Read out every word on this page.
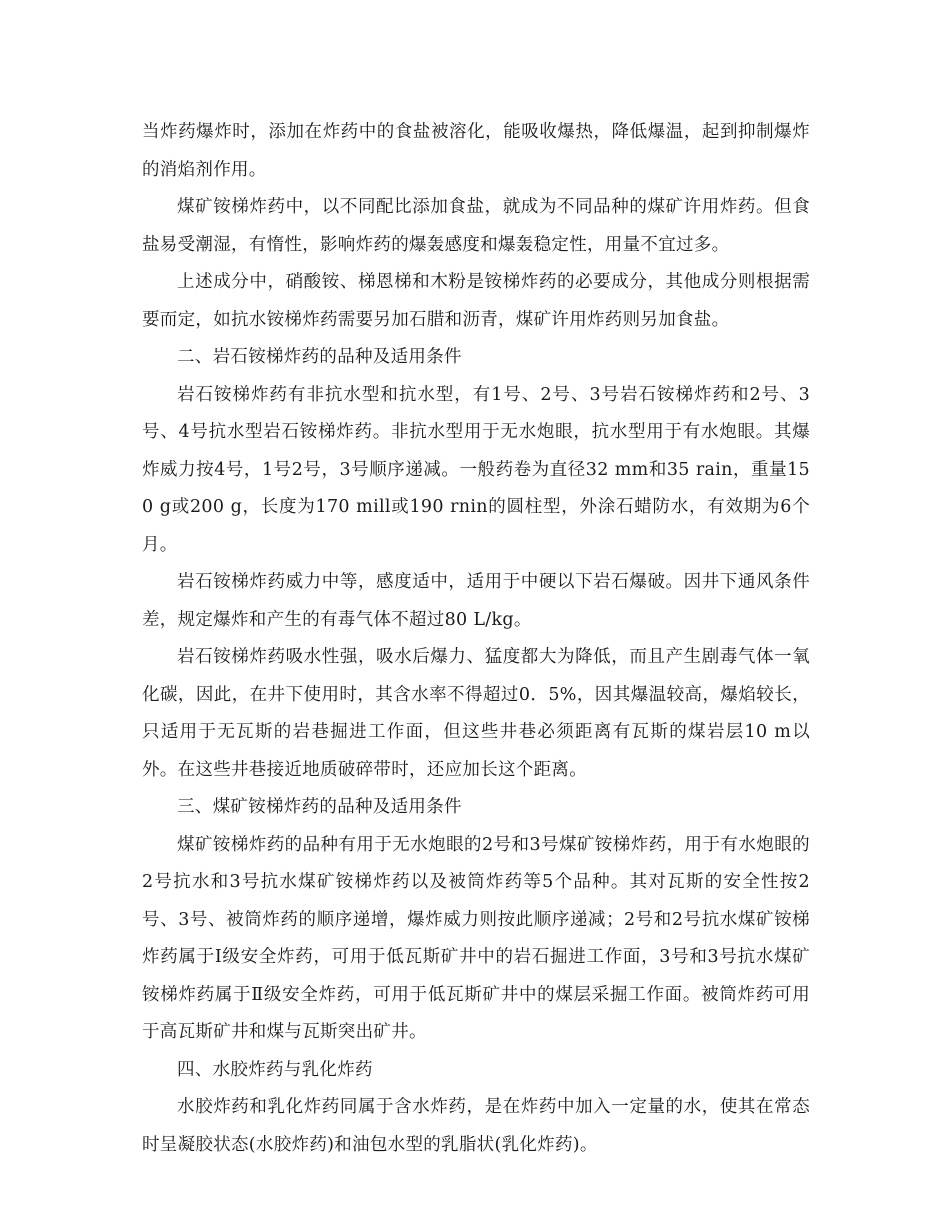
当炸药爆炸时，添加在炸药中的食盐被溶化，能吸收爆热，降低爆温，起到抑制爆炸的消焰剂作用。

煤矿铵梯炸药中，以不同配比添加食盐，就成为不同品种的煤矿许用炸药。但食盐易受潮湿，有惰性，影响炸药的爆轰感度和爆轰稳定性，用量不宜过多。

上述成分中，硝酸铵、梯恩梯和木粉是铵梯炸药的必要成分，其他成分则根据需要而定，如抗水铵梯炸药需要另加石腊和沥青，煤矿许用炸药则另加食盐。

二、岩石铵梯炸药的品种及适用条件

岩石铵梯炸药有非抗水型和抗水型，有1号、2号、3号岩石铵梯炸药和2号、3号、4号抗水型岩石铵梯炸药。非抗水型用于无水炮眼，抗水型用于有水炮眼。其爆炸威力按4号，1号2号，3号顺序递减。一般药卷为直径32 mm和35 rain，重量150 g或200 g，长度为170 mill或190 rnin的圆柱型，外涂石蜡防水，有效期为6个月。

岩石铵梯炸药威力中等，感度适中，适用于中硬以下岩石爆破。因井下通风条件差，规定爆炸和产生的有毒气体不超过80 L/kg。

岩石铵梯炸药吸水性强，吸水后爆力、猛度都大为降低，而且产生剧毒气体一氧化碳，因此，在井下使用时，其含水率不得超过0．5%，因其爆温较高，爆焰较长，只适用于无瓦斯的岩巷掘进工作面，但这些井巷必须距离有瓦斯的煤岩层10 m以外。在这些井巷接近地质破碎带时，还应加长这个距离。

三、煤矿铵梯炸药的品种及适用条件

煤矿铵梯炸药的品种有用于无水炮眼的2号和3号煤矿铵梯炸药，用于有水炮眼的2号抗水和3号抗水煤矿铵梯炸药以及被筒炸药等5个品种。其对瓦斯的安全性按2号、3号、被筒炸药的顺序递增，爆炸威力则按此顺序递减；2号和2号抗水煤矿铵梯炸药属于Ⅰ级安全炸药，可用于低瓦斯矿井中的岩石掘进工作面，3号和3号抗水煤矿铵梯炸药属于Ⅱ级安全炸药，可用于低瓦斯矿井中的煤层采掘工作面。被筒炸药可用于高瓦斯矿井和煤与瓦斯突出矿井。

四、水胶炸药与乳化炸药

水胶炸药和乳化炸药同属于含水炸药，是在炸药中加入一定量的水，使其在常态时呈凝胶状态(水胶炸药)和油包水型的乳脂状(乳化炸药)。
